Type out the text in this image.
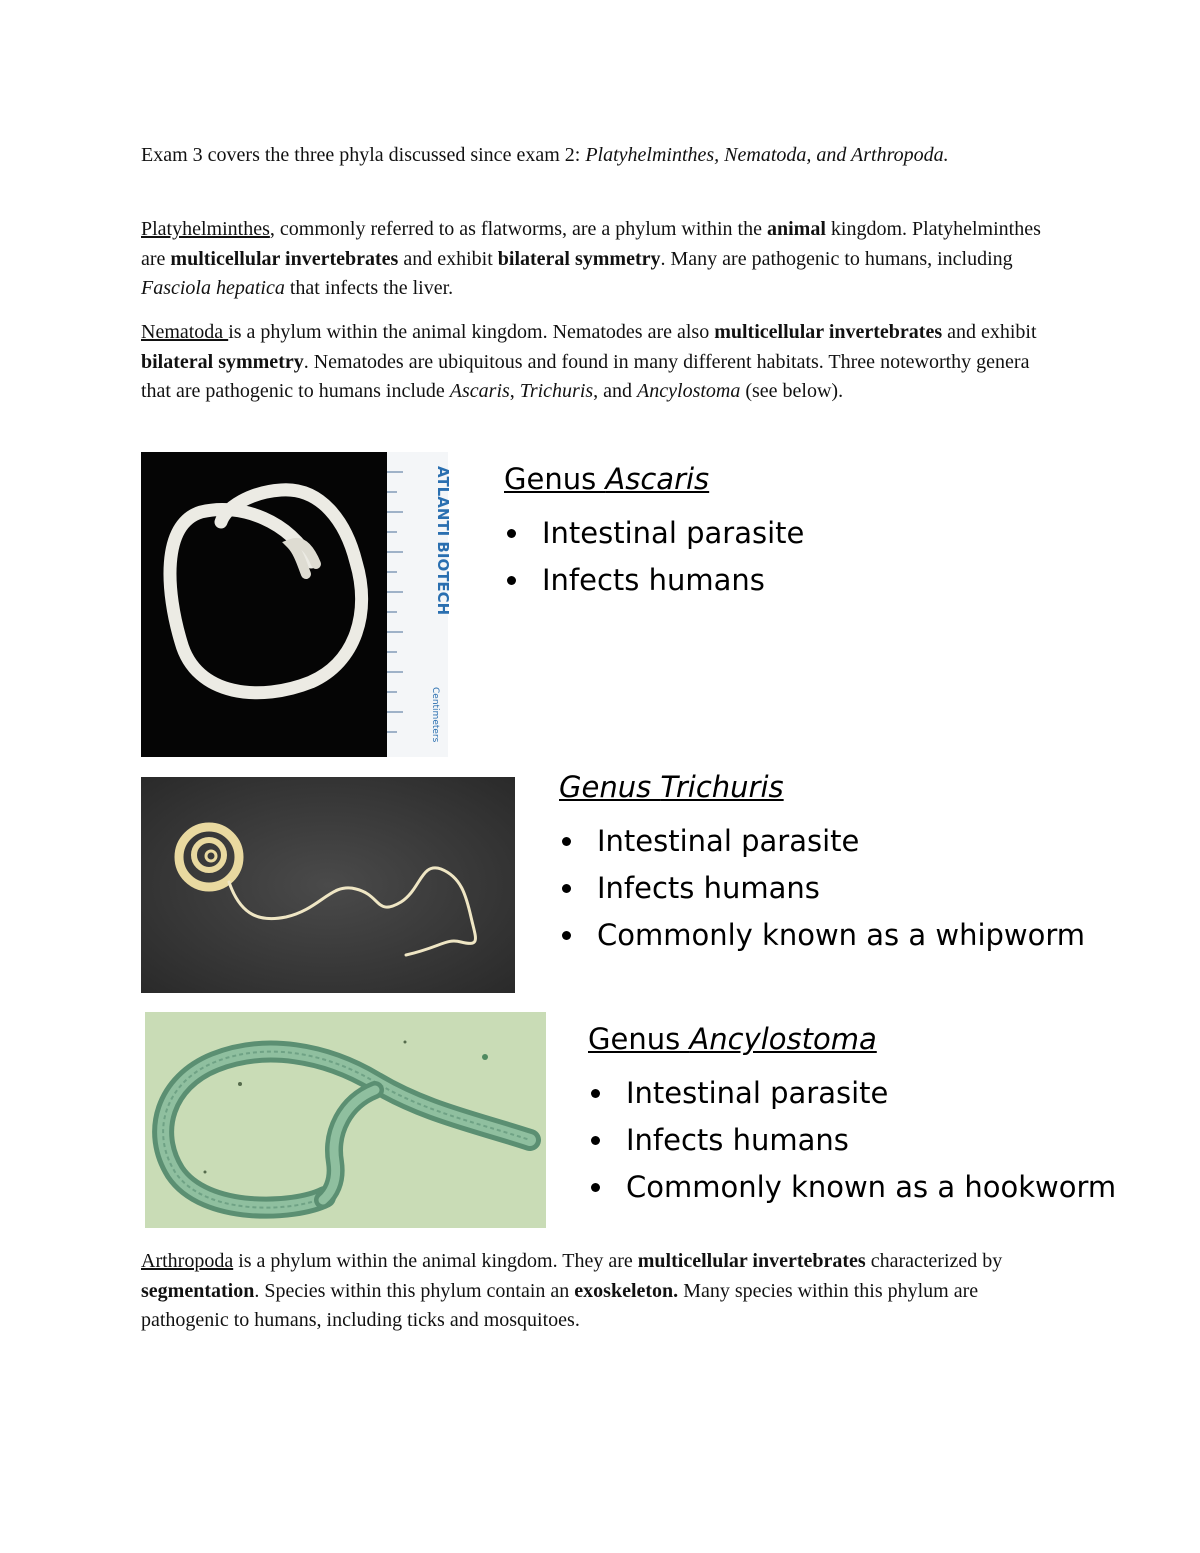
Exam 3 covers the three phyla discussed since exam 2: Platyhelminthes, Nematoda, and Arthropoda.
Platyhelminthes, commonly referred to as flatworms, are a phylum within the animal kingdom. Platyhelminthes are multicellular invertebrates and exhibit bilateral symmetry. Many are pathogenic to humans, including Fasciola hepatica that infects the liver.
Nematoda is a phylum within the animal kingdom. Nematodes are also multicellular invertebrates and exhibit bilateral symmetry. Nematodes are ubiquitous and found in many different habitats. Three noteworthy genera that are pathogenic to humans include Ascaris, Trichuris, and Ancylostoma (see below).
ATLANTI BIOTECH
Centimeters
Genus Ascaris
Intestinal parasite
Infects humans
Genus Trichuris
Intestinal parasite
Infects humans
Commonly known as a whipworm
Genus Ancylostoma
Intestinal parasite
Infects humans
Commonly known as a hookworm
Arthropoda is a phylum within the animal kingdom. They are multicellular invertebrates characterized by segmentation. Species within this phylum contain an exoskeleton. Many species within this phylum are pathogenic to humans, including ticks and mosquitoes.
